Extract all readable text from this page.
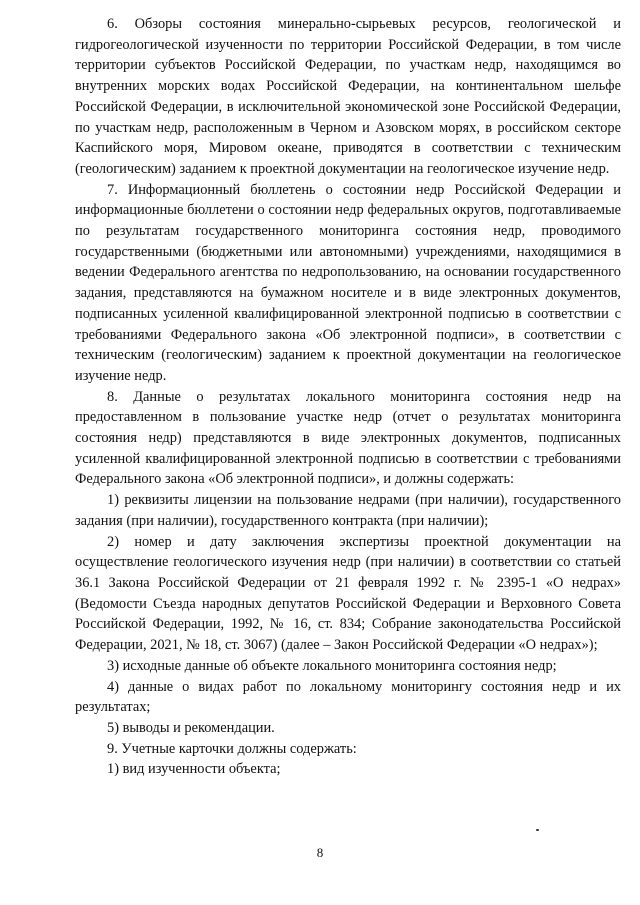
6. Обзоры состояния минерально-сырьевых ресурсов, геологической и гидрогеологической изученности по территории Российской Федерации, в том числе территории субъектов Российской Федерации, по участкам недр, находящимся во внутренних морских водах Российской Федерации, на континентальном шельфе Российской Федерации, в исключительной экономической зоне Российской Федерации, по участкам недр, расположенным в Черном и Азовском морях, в российском секторе Каспийского моря, Мировом океане, приводятся в соответствии с техническим (геологическим) заданием к проектной документации на геологическое изучение недр.

7. Информационный бюллетень о состоянии недр Российской Федерации и информационные бюллетени о состоянии недр федеральных округов, подготавливаемые по результатам государственного мониторинга состояния недр, проводимого государственными (бюджетными или автономными) учреждениями, находящимися в ведении Федерального агентства по недропользованию, на основании государственного задания, представляются на бумажном носителе и в виде электронных документов, подписанных усиленной квалифицированной электронной подписью в соответствии с требованиями Федерального закона «Об электронной подписи», в соответствии с техническим (геологическим) заданием к проектной документации на геологическое изучение недр.

8. Данные о результатах локального мониторинга состояния недр на предоставленном в пользование участке недр (отчет о результатах мониторинга состояния недр) представляются в виде электронных документов, подписанных усиленной квалифицированной электронной подписью в соответствии с требованиями Федерального закона «Об электронной подписи», и должны содержать:

1) реквизиты лицензии на пользование недрами (при наличии), государственного задания (при наличии), государственного контракта (при наличии);

2) номер и дату заключения экспертизы проектной документации на осуществление геологического изучения недр (при наличии) в соответствии со статьей 36.1 Закона Российской Федерации от 21 февраля 1992 г. № 2395-1 «О недрах» (Ведомости Съезда народных депутатов Российской Федерации и Верховного Совета Российской Федерации, 1992, № 16, ст. 834; Собрание законодательства Российской Федерации, 2021, № 18, ст. 3067) (далее – Закон Российской Федерации «О недрах»);

3) исходные данные об объекте локального мониторинга состояния недр;

4) данные о видах работ по локальному мониторингу состояния недр и их результатах;

5) выводы и рекомендации.

9. Учетные карточки должны содержать:

1) вид изученности объекта;

8
